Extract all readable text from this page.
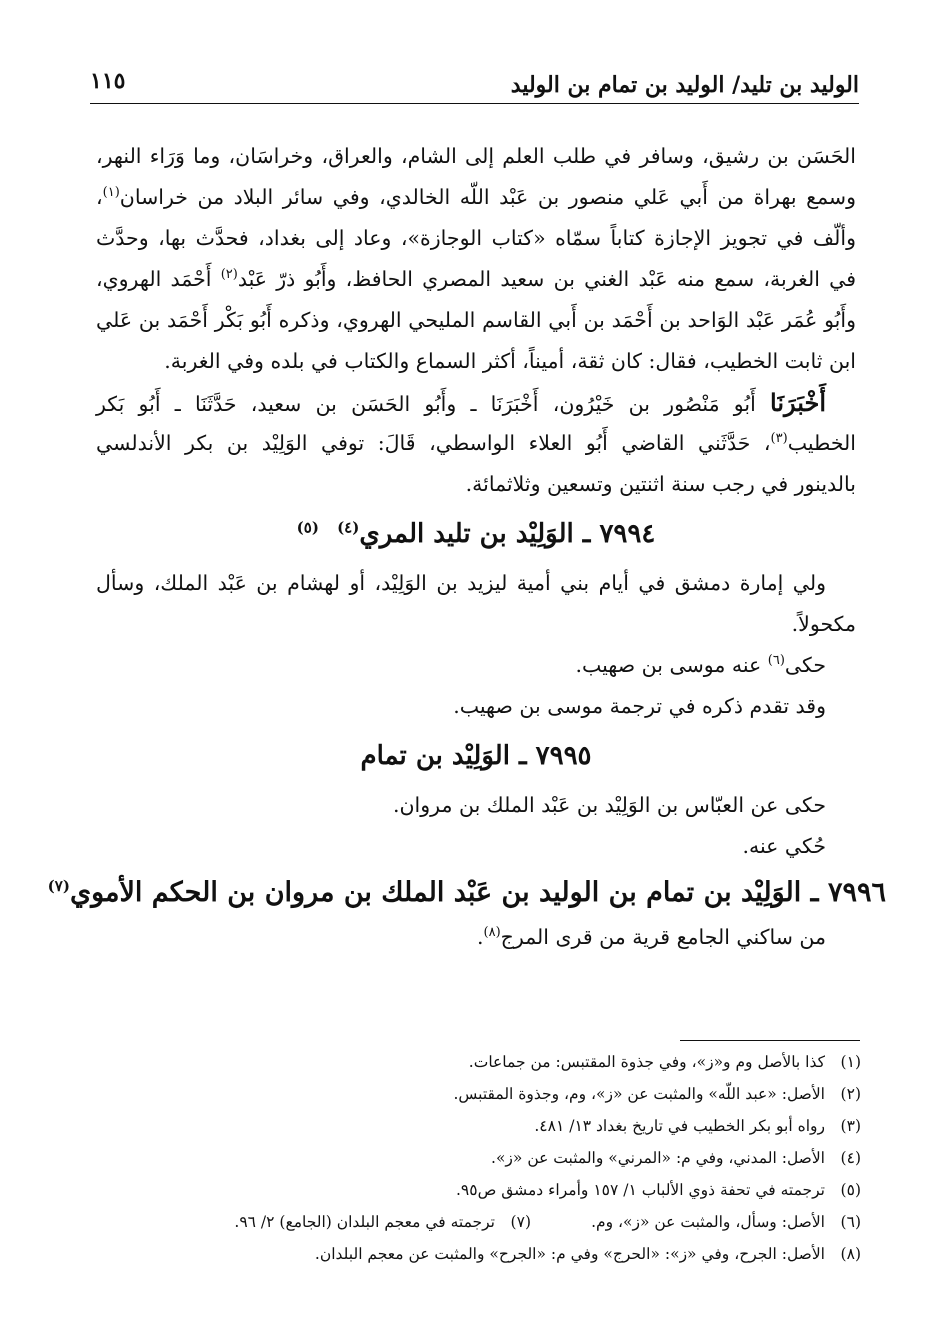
الوليد بن تليد/ الوليد بن تمام بن الوليد
١١٥
الحَسَن بن رشيق، وسافر في طلب العلم إلى الشام، والعراق، وخراسَان، وما وَرَاء النهر،
وسمع بهراة من أَبي عَلي منصور بن عَبْد اللّه الخالدي، وفي سائر البلاد من خراسان$^{(١)}$،
وألّف في تجويز الإجازة كتاباً سمّاه «كتاب الوجازة»، وعاد إلى بغداد، فحدَّث بها، وحدَّث
في الغربة، سمع منه عَبْد الغني بن سعيد المصري الحافظ، وأَبُو ذرّ عَبْد$^{(٢)}$ أَحْمَد الهروي،
وأَبُو عُمَر عَبْد الوَاحد بن أَحْمَد بن أَبي القاسم المليحي الهروي، وذكره أَبُو بَكْر أَحْمَد بن عَلي
ابن ثابت الخطيب، فقال: كان ثقة، أميناً، أكثر السماع والكتاب في بلده وفي الغربة.
أَخْبَرَنَا أَبُو مَنْصُور بن خَيْرُون، أَخْبَرَنَا ـ وأَبُو الحَسَن بن سعيد، حَدَّثَنَا ـ أَبُو بَكر
الخطيب$^{(٣)}$، حَدَّثَني القاضي أَبُو العلاء الواسطي، قَالَ: توفي الوَلِيْد بن بكر الأندلسي
بالدينور في رجب سنة اثنتين وتسعين وثلاثمائة.
٧٩٩٤ ـ الوَلِيْد بن تليد المري$^{(٤)}$  $^{(٥)}$
ولي إمارة دمشق في أيام بني أمية ليزيد بن الوَلِيْد، أو لهشام بن عَبْد الملك، وسأل
مكحولاً.
حكى$^{(٦)}$ عنه موسى بن صهيب.
وقد تقدم ذكره في ترجمة موسى بن صهيب.
٧٩٩٥ ـ الوَلِيْد بن تمام
حكى عن العبّاس بن الوَلِيْد بن عَبْد الملك بن مروان.
حُكي عنه.
٧٩٩٦ ـ الوَلِيْد بن تمام بن الوليد بن عَبْد الملك بن مروان بن الحكم الأموي$^{(٧)}$
من ساكني الجامع قرية من قرى المرج$^{(٨)}$.
(١)كذا بالأصل وم و«ز»، وفي جذوة المقتبس: من جماعات.
(٢)الأصل: «عبد اللّه» والمثبت عن «ز»، وم، وجذوة المقتبس.
(٣)رواه أبو بكر الخطيب في تاريخ بغداد ١٣/ ٤٨١.
(٤)الأصل: المدني، وفي م: «المرني» والمثبت عن «ز».
(٥)ترجمته في تحفة ذوي الألباب ١/ ١٥٧ وأمراء دمشق ص٩٥.
(٦)الأصل: وسأل، والمثبت عن «ز»، وم.
(٧)ترجمته في معجم البلدان (الجامع) ٢/ ٩٦.
(٨)الأصل: الجرح، وفي «ز»: «الحرج» وفي م: «الجرح» والمثبت عن معجم البلدان.
